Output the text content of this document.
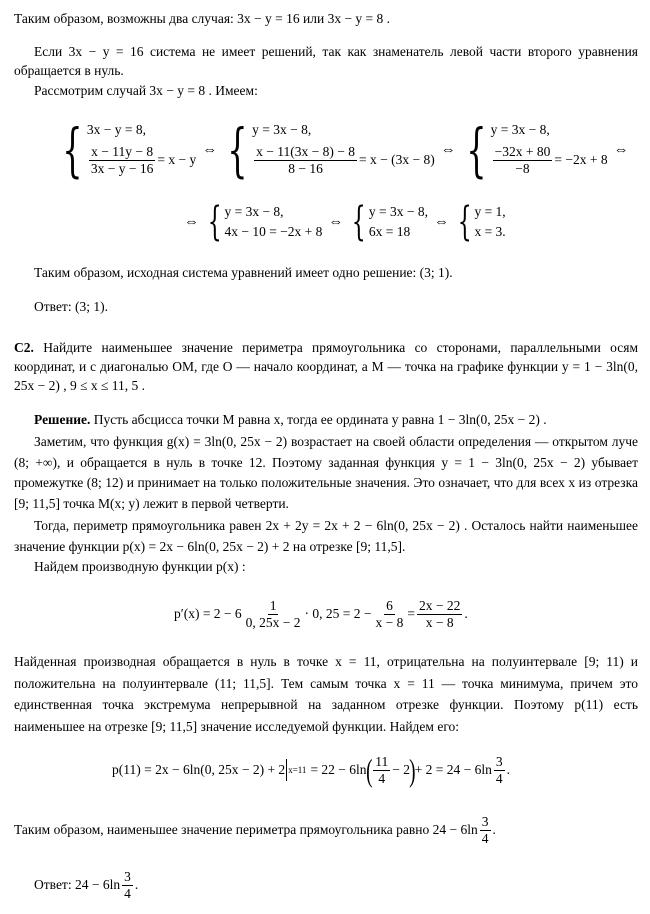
Таким образом, возможны два случая: 3x − y = 16 или 3x − y = 8 .
Если 3x − y = 16 система не имеет решений, так как знаменатель левой части второго уравнения обращается в нуль.
Рассмотрим случай 3x − y = 8 . Имеем:
{ 3x − y = 8,
$\frac{x - 11y - 8}{3x - y - 16} = x - y$
⇔ { y = 3x − 8,
$\frac{x - 11(3x - 8) - 8}{8 - 16} = x - (3x - 8)$
⇔ { y = 3x − 8,
$\frac{-32x + 80}{-8} = -2x + 8$
⇔
⇔ { y = 3x − 8,
4x − 10 = −2x + 8
⇔ { y = 3x − 8,
6x = 18
⇔ { y = 1,
x = 3.
Таким образом, исходная система уравнений имеет одно решение: (3; 1).
Ответ: (3; 1).
С2. Найдите наименьшее значение периметра прямоугольника со сторонами, параллельными осям координат, и с диагональю OM, где O — начало координат, а M — точка на графике функции y = 1 − 3ln(0, 25x − 2) , 9 ≤ x ≤ 11, 5 .
Решение. Пусть абсцисса точки M равна x, тогда ее ордината y равна 1 − 3ln(0, 25x − 2) .
Заметим, что функция g(x) = 3ln(0, 25x − 2) возрастает на своей области определения — открытом луче (8; +∞), и обращается в нуль в точке 12. Поэтому заданная функция y = 1 − 3ln(0, 25x − 2) убывает промежутке (8; 12) и принимает на только положительные значения. Это означает, что для всех x из отрезка [9; 11,5] точка M(x; y) лежит в первой четверти.
Тогда, периметр прямоугольника равен 2x + 2y = 2x + 2 − 6ln(0, 25x − 2) . Осталось найти наименьшее значение функции p(x) = 2x − 6ln(0, 25x − 2) + 2 на отрезке [9; 11,5].
Найдем производную функции p(x) :
$p'(x) = 2 - 6 \frac{1}{0, 25x - 2} \cdot 0$, $25 = 2 - \frac{6}{x - 8} = \frac{2x - 22}{x - 8}$ .
Найденная производная обращается в нуль в точке x = 11, отрицательна на полуинтервале [9; 11) и положительна на полуинтервале (11; 11,5]. Тем самым точка x = 11 — точка минимума, причем это единственная точка экстремума непрерывной на заданном отрезке функции. Поэтому p(11) есть наименьшее на отрезке [9; 11,5] значение исследуемой функции. Найдем его:
p(11) = 2x − 6ln(0, 25x − 2) + 2 x=11 = 22 − 6ln ( $\frac{11}{4} - 2$ ) + $2 = 24 - 6\ln \frac{3}{4}$ .
Таким образом, наименьшее значение периметра прямоугольника равно $24 - 6\ln \frac{3}{4}$ .
Ответ: $24 - 6\ln \frac{3}{4}$ .
